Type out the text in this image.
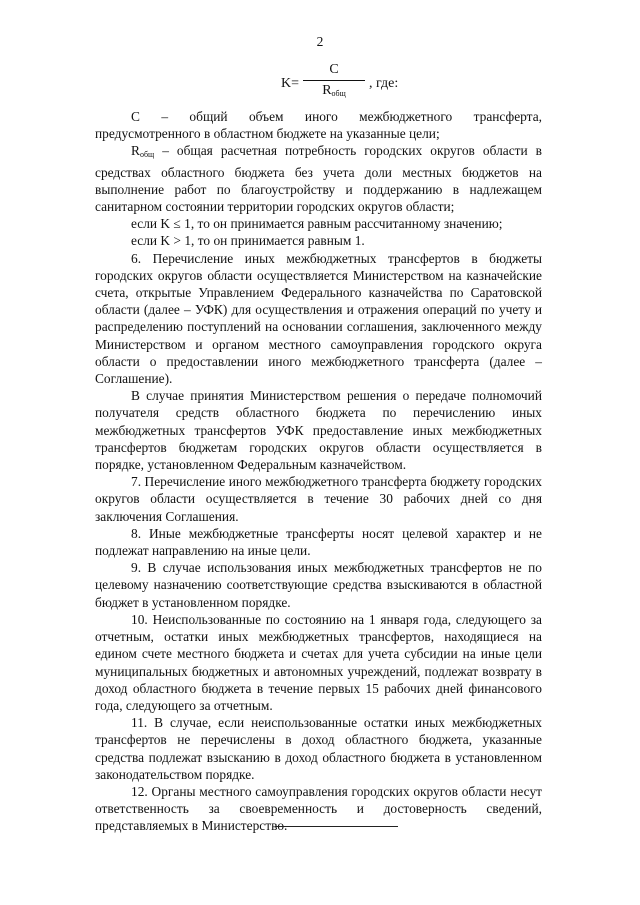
2
K=
C
$R_{общ}$
, где:

С – общий объем иного межбюджетного трансферта, предусмотренного в областном бюджете на указанные цели;

$R_{общ}$ – общая расчетная потребность городских округов области в средствах областного бюджета без учета доли местных бюджетов на выполнение работ по благоустройству и поддержанию в надлежащем санитарном состоянии территории городских округов области;

если K ≤ 1, то он принимается равным рассчитанному значению;

если K > 1, то он принимается равным 1.

6. Перечисление иных межбюджетных трансфертов в бюджеты городских округов области осуществляется Министерством на казначейские счета, открытые Управлением Федерального казначейства по Саратовской области (далее – УФК) для осуществления и отражения операций по учету и распределению поступлений на основании соглашения, заключенного между Министерством и органом местного самоуправления городского округа области о предоставлении иного межбюджетного трансферта (далее – Соглашение).

В случае принятия Министерством решения о передаче полномочий получателя средств областного бюджета по перечислению иных межбюджетных трансфертов УФК предоставление иных межбюджетных трансфертов бюджетам городских округов области осуществляется в порядке, установленном Федеральным казначейством.

7. Перечисление иного межбюджетного трансферта бюджету городских округов области осуществляется в течение 30 рабочих дней со дня заключения Соглашения.

8. Иные межбюджетные трансферты носят целевой характер и не подлежат направлению на иные цели.

9. В случае использования иных межбюджетных трансфертов не по целевому назначению соответствующие средства взыскиваются в областной бюджет в установленном порядке.

10. Неиспользованные по состоянию на 1 января года, следующего за отчетным, остатки иных межбюджетных трансфертов, находящиеся на едином счете местного бюджета и счетах для учета субсидии на иные цели муниципальных бюджетных и автономных учреждений, подлежат возврату в доход областного бюджета в течение первых 15 рабочих дней финансового года, следующего за отчетным.

11. В случае, если неиспользованные остатки иных межбюджетных трансфертов не перечислены в доход областного бюджета, указанные средства подлежат взысканию в доход областного бюджета в установленном законодательством порядке.

12. Органы местного самоуправления городских округов области несут ответственность за своевременность и достоверность сведений, представляемых в Министерство.
